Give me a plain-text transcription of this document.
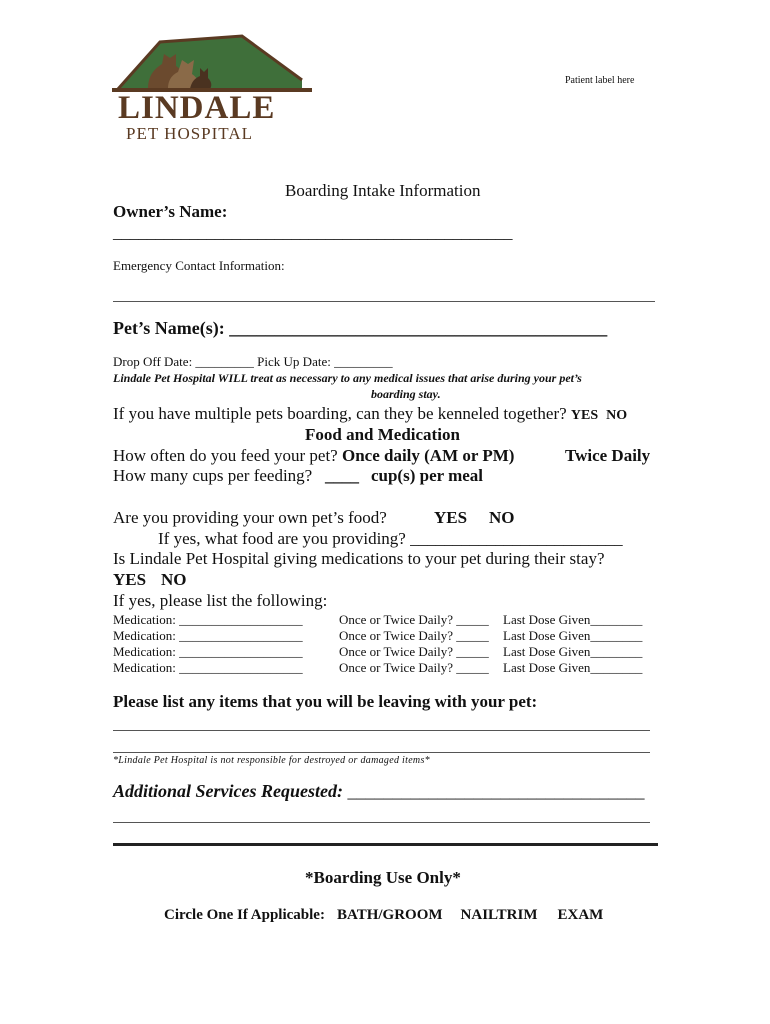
LINDALE
PET HOSPITAL
Patient label here
Boarding Intake Information
Owner’s Name:
_______________________________________________
Emergency Contact Information:
Pet’s Name(s): __________________________________________
Drop Off Date: _________ Pick Up Date: _________
Lindale Pet Hospital WILL treat as necessary to any medical issues that arise during your pet’s
boarding stay.
If you have multiple pets boarding, can they be kenneled together? YES NO
Food and Medication
How often do you feed your pet? Once daily (AM or PM)	Twice Daily
How many cups per feeding?   ____ cup(s) per meal
Are you providing your own pet’s food?	YES NO
If yes, what food are you providing? _________________________
Is Lindale Pet Hospital giving medications to your pet during their stay?
YES NO
If yes, please list the following:
Medication: ___________________	Once or Twice Daily? _____ Last Dose Given________
Medication: ___________________	Once or Twice Daily? _____ Last Dose Given________
Medication: ___________________	Once or Twice Daily? _____ Last Dose Given________
Medication: ___________________	Once or Twice Daily? _____ Last Dose Given________
Please list any items that you will be leaving with your pet:
*Lindale Pet Hospital is not responsible for destroyed or damaged items*
Additional Services Requested: _________________________________
*Boarding Use Only*
Circle One If Applicable: BATH/GROOM NAILTRIM EXAM
